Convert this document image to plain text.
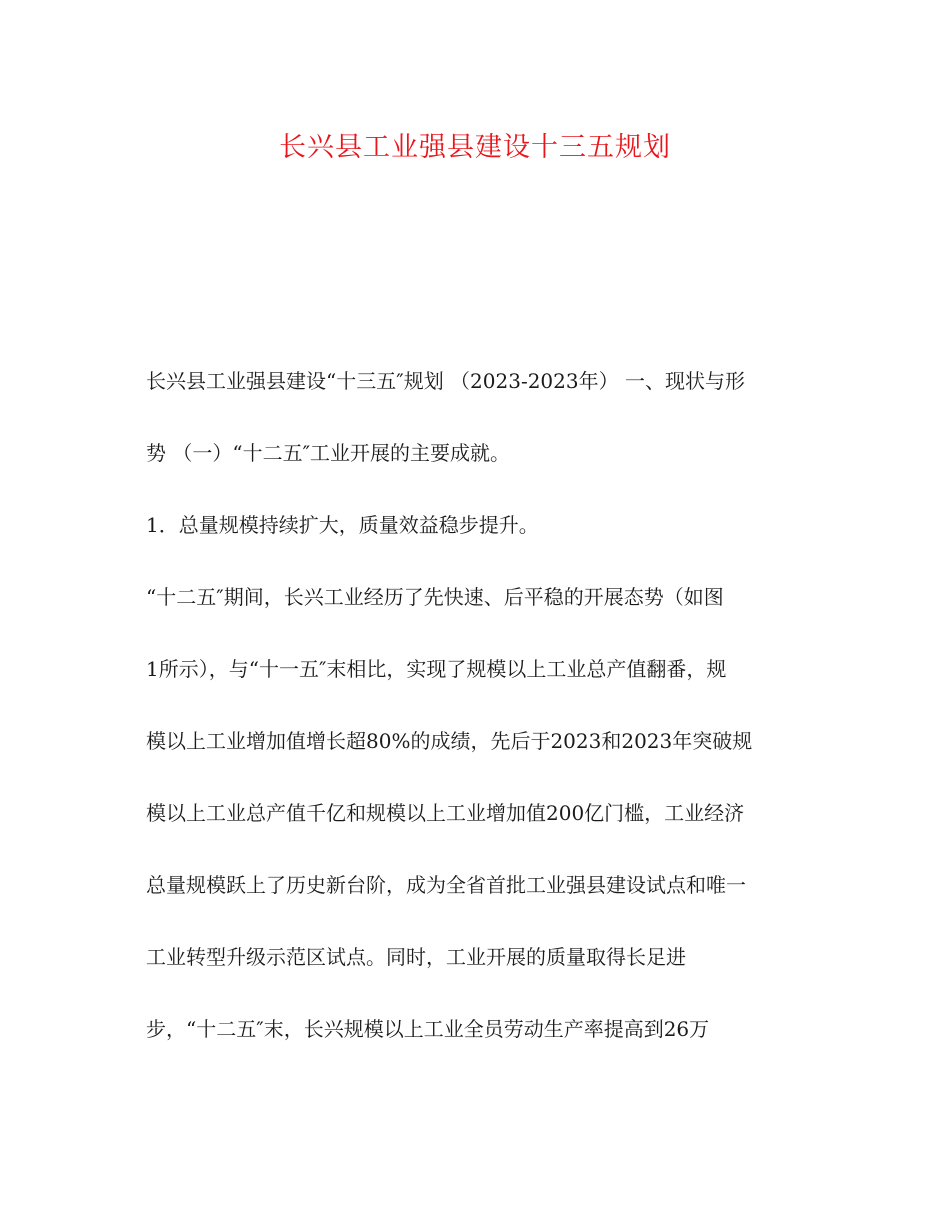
长兴县工业强县建设十三五规划

长兴县工业强县建设“十三五″规划 （2023-2023年） 一、现状与形

势 （一）“十二五″工业开展的主要成就。

1．总量规模持续扩大，质量效益稳步提升。

“十二五″期间，长兴工业经历了先快速、后平稳的开展态势（如图

1所示），与“十一五″末相比，实现了规模以上工业总产值翻番，规

模以上工业增加值增长超80%的成绩，先后于2023和2023年突破规

模以上工业总产值千亿和规模以上工业增加值200亿门槛，工业经济

总量规模跃上了历史新台阶，成为全省首批工业强县建设试点和唯一

工业转型升级示范区试点。同时，工业开展的质量取得长足进

步，“十二五″末，长兴规模以上工业全员劳动生产率提高到26万
